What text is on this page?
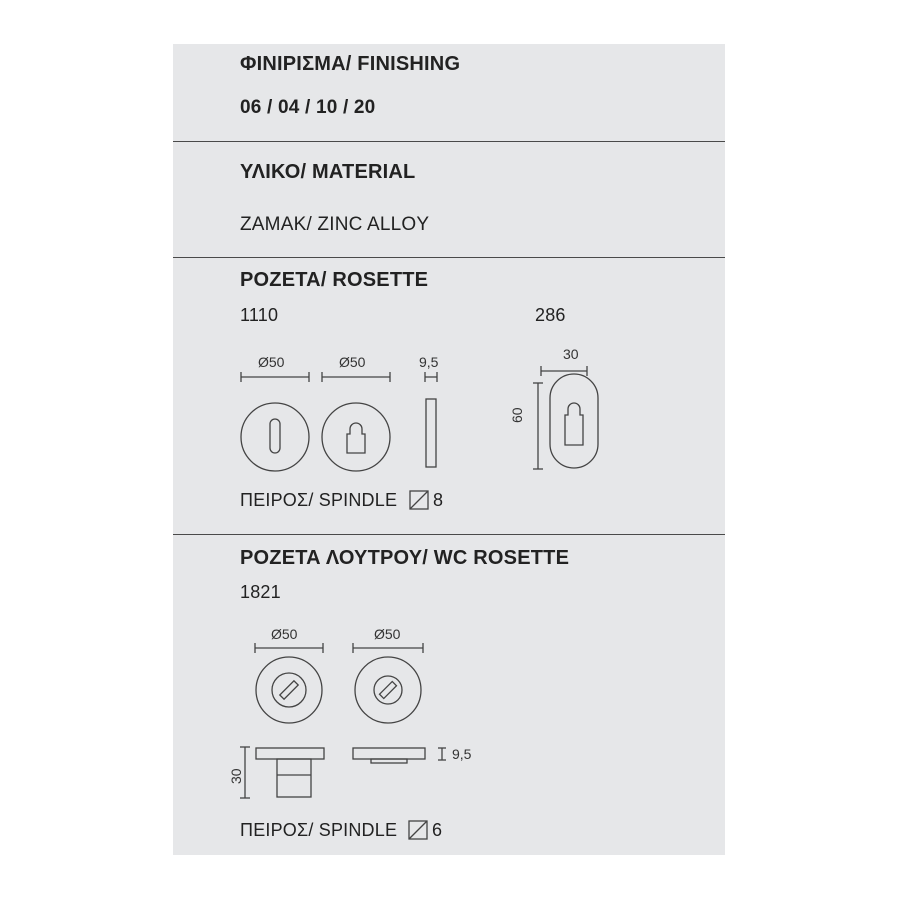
ΦΙΝΙΡΙΣΜΑ/ FINISHING
06 / 04 / 10 / 20
ΥΛΙΚΟ/ MATERIAL
ZAMAK/ ZINC ALLOY
ΡΟΖΕΤΑ/ ROSETTE
1110	286
Ø50	Ø50	9,5	30
60
ΠΕΙΡΟΣ/ SPINDLE 8
ΡΟΖΕΤΑ ΛΟΥΤΡΟΥ/ WC ROSETTE
1821
Ø50	Ø50
9,5
30
ΠΕΙΡΟΣ/ SPINDLE 6
